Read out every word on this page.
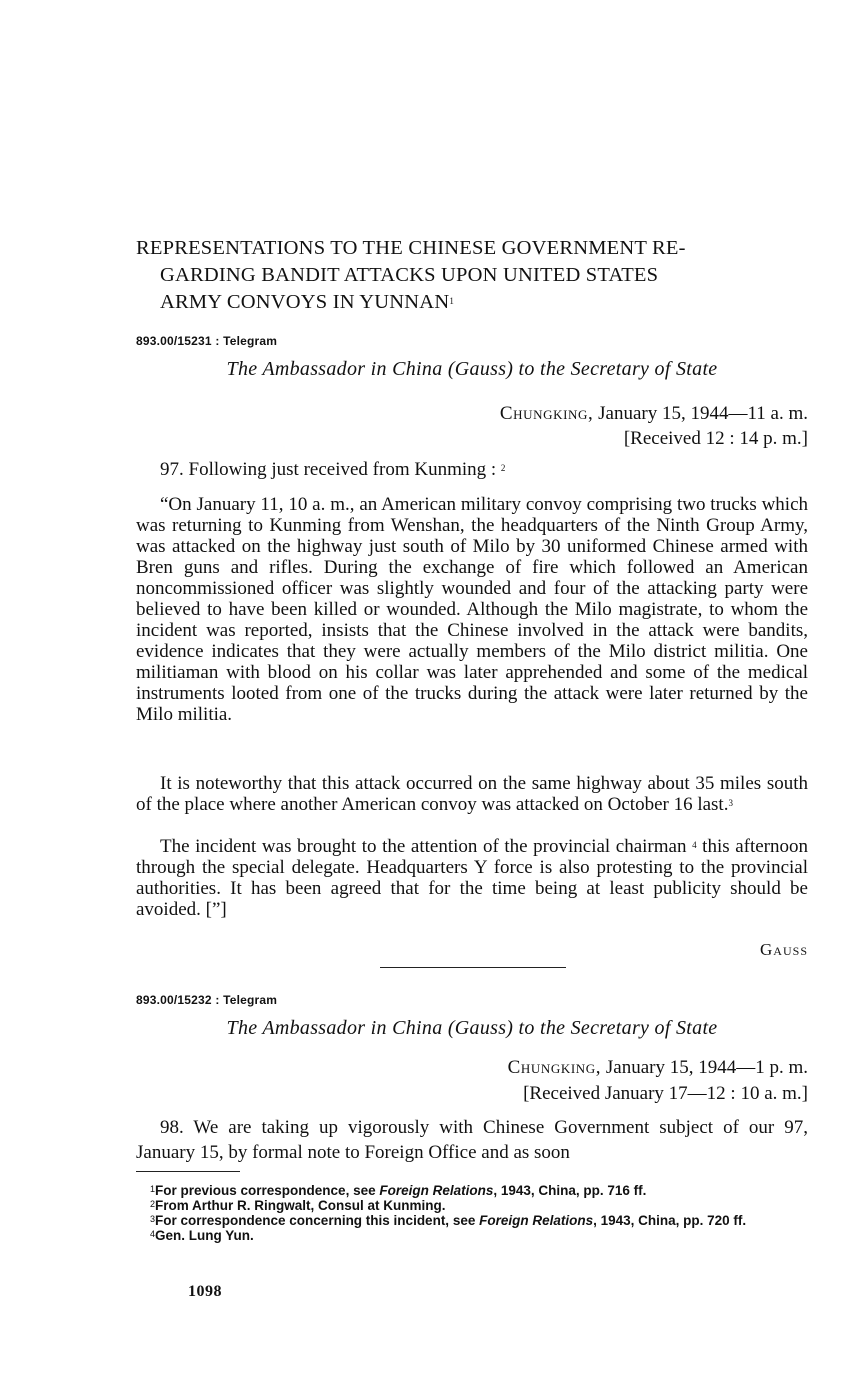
REPRESENTATIONS TO THE CHINESE GOVERNMENT RE-
GARDING BANDIT ATTACKS UPON UNITED STATES
ARMY CONVOYS IN YUNNAN$^1$
893.00/15231 : Telegram
The Ambassador in China (Gauss) to the Secretary of State
Chungking, January 15, 1944—11 a. m.
[Received 12 : 14 p. m.]
97. Following just received from Kunming : $^2$

“On January 11, 10 a. m., an American military convoy comprising two trucks which was returning to Kunming from Wenshan, the headquarters of the Ninth Group Army, was attacked on the highway just south of Milo by 30 uniformed Chinese armed with Bren guns and rifles. During the exchange of fire which followed an American noncommissioned officer was slightly wounded and four of the attacking party were believed to have been killed or wounded. Although the Milo magistrate, to whom the incident was reported, insists that the Chinese involved in the attack were bandits, evidence indicates that they were actually members of the Milo district militia. One militiaman with blood on his collar was later apprehended and some of the medical instruments looted from one of the trucks during the attack were later returned by the Milo militia.

It is noteworthy that this attack occurred on the same highway about 35 miles south of the place where another American convoy was attacked on October 16 last.$^3$

The incident was brought to the attention of the provincial chairman $^4$ this afternoon through the special delegate. Headquarters Y force is also protesting to the provincial authorities. It has been agreed that for the time being at least publicity should be avoided. [”]

Gauss
893.00/15232 : Telegram
The Ambassador in China (Gauss) to the Secretary of State
Chungking, January 15, 1944—1 p. m.
[Received January 17—12 : 10 a. m.]

98. We are taking up vigorously with Chinese Government subject of our 97, January 15, by formal note to Foreign Office and as soon

$^1$For previous correspondence, see Foreign Relations, 1943, China, pp. 716 ff.

$^2$From Arthur R. Ringwalt, Consul at Kunming.

$^3$For correspondence concerning this incident, see Foreign Relations, 1943, China, pp. 720 ff.

$^4$Gen. Lung Yun.

1098
